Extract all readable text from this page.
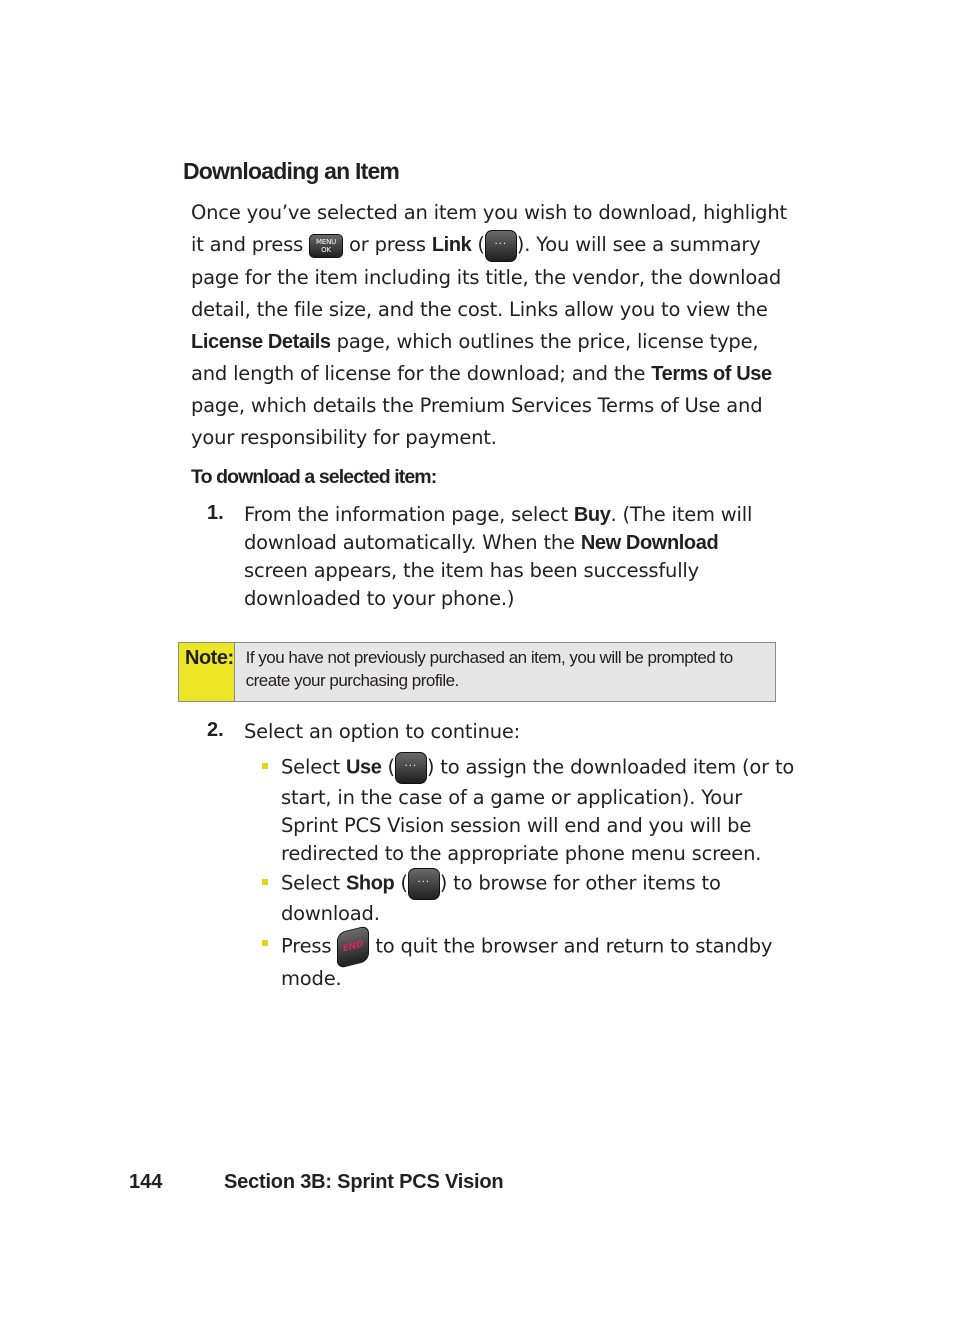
Downloading an Item
Once you’ve selected an item you wish to download, highlight it and press MENU
OK or press Link ( ··· ). You will see a summary page for the item including its title, the vendor, the download detail, the file size, and the cost. Links allow you to view the License Details page, which outlines the price, license type, and length of license for the download; and the Terms of Use page, which details the Premium Services Terms of Use and your responsibility for payment.
To download a selected item:
1. From the information page, select Buy. (The item will download automatically. When the New Download screen appears, the item has been successfully downloaded to your phone.)
Note: If you have not previously purchased an item, you will be prompted to create your purchasing profile.
2. Select an option to continue:
Select Use ( ··· ) to assign the downloaded item (or to start, in the case of a game or application). Your Sprint PCS Vision session will end and you will be redirected to the appropriate phone menu screen.
Select Shop ( ··· ) to browse for other items to download.
Press END to quit the browser and return to standby mode.
144	Section 3B: Sprint PCS Vision
